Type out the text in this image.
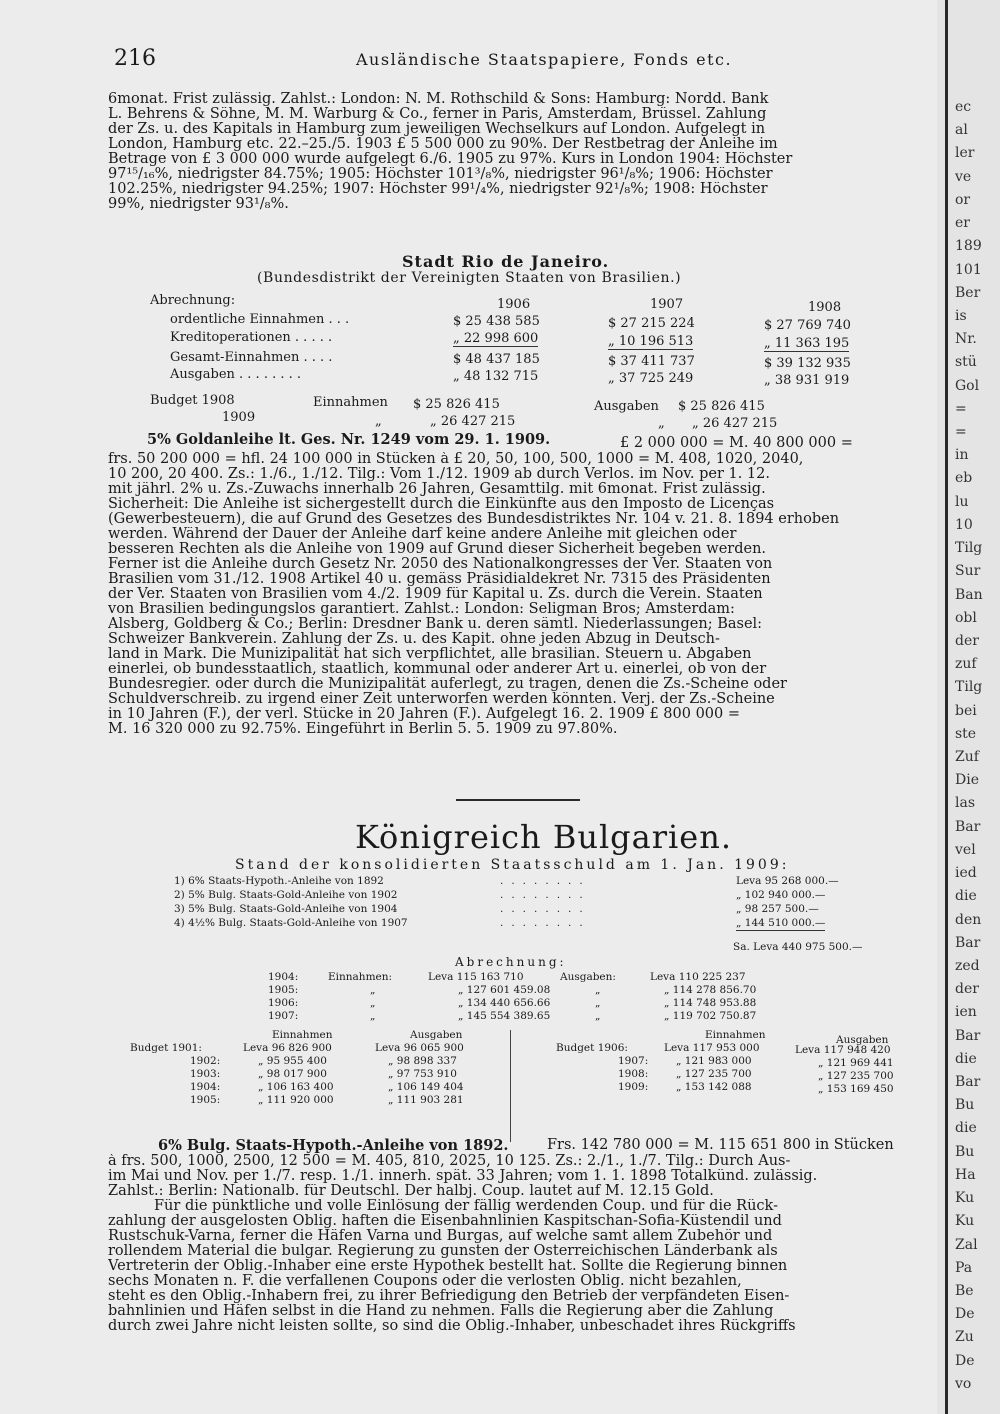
216	Ausländische Staatspapiere, Fonds etc.
6monat. Frist zulässig. Zahlst.: London: N. M. Rothschild & Sons: Hamburg: Nordd. Bank
L. Behrens & Söhne, M. M. Warburg & Co., ferner in Paris, Amsterdam, Brüssel. Zahlung
der Zs. u. des Kapitals in Hamburg zum jeweiligen Wechselkurs auf London. Aufgelegt in
London, Hamburg etc. 22.–25./5. 1903 £ 5 500 000 zu 90%. Der Restbetrag der Anleihe im
Betrage von £ 3 000 000 wurde aufgelegt 6./6. 1905 zu 97%. Kurs in London 1904: Höchster
97¹⁵/₁₆%, niedrigster 84.75%; 1905: Höchster 101³/₈%, niedrigster 96¹/₈%; 1906: Höchster
102.25%, niedrigster 94.25%; 1907: Höchster 99¹/₄%, niedrigster 92¹/₈%; 1908: Höchster
99%, niedrigster 93¹/₈%.
Stadt Rio de Janeiro.
(Bundesdistrikt der Vereinigten Staaten von Brasilien.)
Abrechnung:	1906	1907	1908
ordentliche Einnahmen . . .	$ 25 438 585	$ 27 215 224	$ 27 769 740
Kreditoperationen . . . . .	„ 22 998 600	„ 10 196 513	„ 11 363 195
Gesamt-Einnahmen . . . .	$ 48 437 185	$ 37 411 737	$ 39 132 935
Ausgaben . . . . . . . .	„ 48 132 715	„ 37 725 249	„ 38 931 919
Budget 1908	Einnahmen $ 25 826 415	Ausgaben $ 25 826 415
1909	„	„ 26 427 215	„ „ 26 427 215
5% Goldanleihe lt. Ges. Nr. 1249 vom 29. 1. 1909.	£ 2 000 000 = M. 40 800 000 =
frs. 50 200 000 = hfl. 24 100 000 in Stücken à £ 20, 50, 100, 500, 1000 = M. 408, 1020, 2040,
10 200, 20 400. Zs.: 1./6., 1./12. Tilg.: Vom 1./12. 1909 ab durch Verlos. im Nov. per 1. 12.
mit jährl. 2% u. Zs.-Zuwachs innerhalb 26 Jahren, Gesamttilg. mit 6monat. Frist zulässig.
Sicherheit: Die Anleihe ist sichergestellt durch die Einkünfte aus den Imposto de Licenças
(Gewerbesteuern), die auf Grund des Gesetzes des Bundesdistriktes Nr. 104 v. 21. 8. 1894 erhoben
werden. Während der Dauer der Anleihe darf keine andere Anleihe mit gleichen oder
besseren Rechten als die Anleihe von 1909 auf Grund dieser Sicherheit begeben werden.
Ferner ist die Anleihe durch Gesetz Nr. 2050 des Nationalkongresses der Ver. Staaten von
Brasilien vom 31./12. 1908 Artikel 40 u. gemäss Präsidialdekret Nr. 7315 des Präsidenten
der Ver. Staaten von Brasilien vom 4./2. 1909 für Kapital u. Zs. durch die Verein. Staaten
von Brasilien bedingungslos garantiert. Zahlst.: London: Seligman Bros; Amsterdam:
Alsberg, Goldberg & Co.; Berlin: Dresdner Bank u. deren sämtl. Niederlassungen; Basel:
Schweizer Bankverein. Zahlung der Zs. u. des Kapit. ohne jeden Abzug in Deutsch-
land in Mark. Die Munizipalität hat sich verpflichtet, alle brasilian. Steuern u. Abgaben
einerlei, ob bundesstaatlich, staatlich, kommunal oder anderer Art u. einerlei, ob von der
Bundesregier. oder durch die Munizipalität auferlegt, zu tragen, denen die Zs.-Scheine oder
Schuldverschreib. zu irgend einer Zeit unterworfen werden könnten. Verj. der Zs.-Scheine
in 10 Jahren (F.), der verl. Stücke in 20 Jahren (F.). Aufgelegt 16. 2. 1909 £ 800 000 =
M. 16 320 000 zu 92.75%. Eingeführt in Berlin 5. 5. 1909 zu 97.80%.
Königreich Bulgarien.
Stand der konsolidierten Staatsschuld am 1. Jan. 1909:
1) 6% Staats-Hypoth.-Anleihe von 1892	........	Leva 95 268 000.—
2) 5% Bulg. Staats-Gold-Anleihe von 1902	........	„ 102 940 000.—
3) 5% Bulg. Staats-Gold-Anleihe von 1904	........	„ 98 257 500.—
4) 4½% Bulg. Staats-Gold-Anleihe von 1907	........	„ 144 510 000.—
Sa. Leva 440 975 500.—
Abrechnung:
1904:	Einnahmen:	Leva 115 163 710	Ausgaben:	Leva 110 225 237
1905:	„	„ 127 601 459.08	„	„ 114 278 856.70
1906:	„	„ 134 440 656.66	„	„ 114 748 953.88
1907:	„	„ 145 554 389.65	„	„ 119 702 750.87
Einnahmen	Ausgaben	Einnahmen	Ausgaben
Budget 1901:	Leva 96 826 900	Leva 96 065 900
1902:	„ 95 955 400	„ 98 898 337
1903:	„ 98 017 900	„ 97 753 910
1904:	„ 106 163 400	„ 106 149 404
1905:	„ 111 920 000	„ 111 903 281
Budget 1906:	Leva 117 953 000	Leva 117 948 420
1907:	„ 121 983 000	„ 121 969 441
1908:	„ 127 235 700	„ 127 235 700
1909:	„ 153 142 088	„ 153 169 450
6% Bulg. Staats-Hypoth.-Anleihe von 1892.	Frs. 142 780 000 = M. 115 651 800 in Stücken
à frs. 500, 1000, 2500, 12 500 = M. 405, 810, 2025, 10 125. Zs.: 2./1., 1./7. Tilg.: Durch Aus-
im Mai und Nov. per 1./7. resp. 1./1. innerh. spät. 33 Jahren; vom 1. 1. 1898 Totalkünd. zulässig.
Zahlst.: Berlin: Nationalb. für Deutschl. Der halbj. Coup. lautet auf M. 12.15 Gold.
Für die pünktliche und volle Einlösung der fällig werdenden Coup. und für die Rück-
zahlung der ausgelosten Oblig. haften die Eisenbahnlinien Kaspitschan-Sofia-Küstendil und
Rustschuk-Varna, ferner die Häfen Varna und Burgas, auf welche samt allem Zubehör und
rollendem Material die bulgar. Regierung zu gunsten der Österreichischen Länderbank als
Vertreterin der Oblig.-Inhaber eine erste Hypothek bestellt hat. Sollte die Regierung binnen
sechs Monaten n. F. die verfallenen Coupons oder die verlosten Oblig. nicht bezahlen,
steht es den Oblig.-Inhabern frei, zu ihrer Befriedigung den Betrieb der verpfändeten Eisen-
bahnlinien und Häfen selbst in die Hand zu nehmen. Falls die Regierung aber die Zahlung
durch zwei Jahre nicht leisten sollte, so sind die Oblig.-Inhaber, unbeschadet ihres Rückgriffs
ec
al
ler
ve
or
er
189
101
Ber
is
Nr.
stü
Gol
=
=
in
eb
lu
10
Tilg
Sur
Ban
obl
der
zuf
Tilg
bei
ste
Zuf
Die
las
Bar
vel
ied
die
den
Bar
zed
der
ien
Bar
die
Bar
Bu
die
Bu
Ha
Ku
Ku
Zal
Pa
Be
De
Zu
De
vo
